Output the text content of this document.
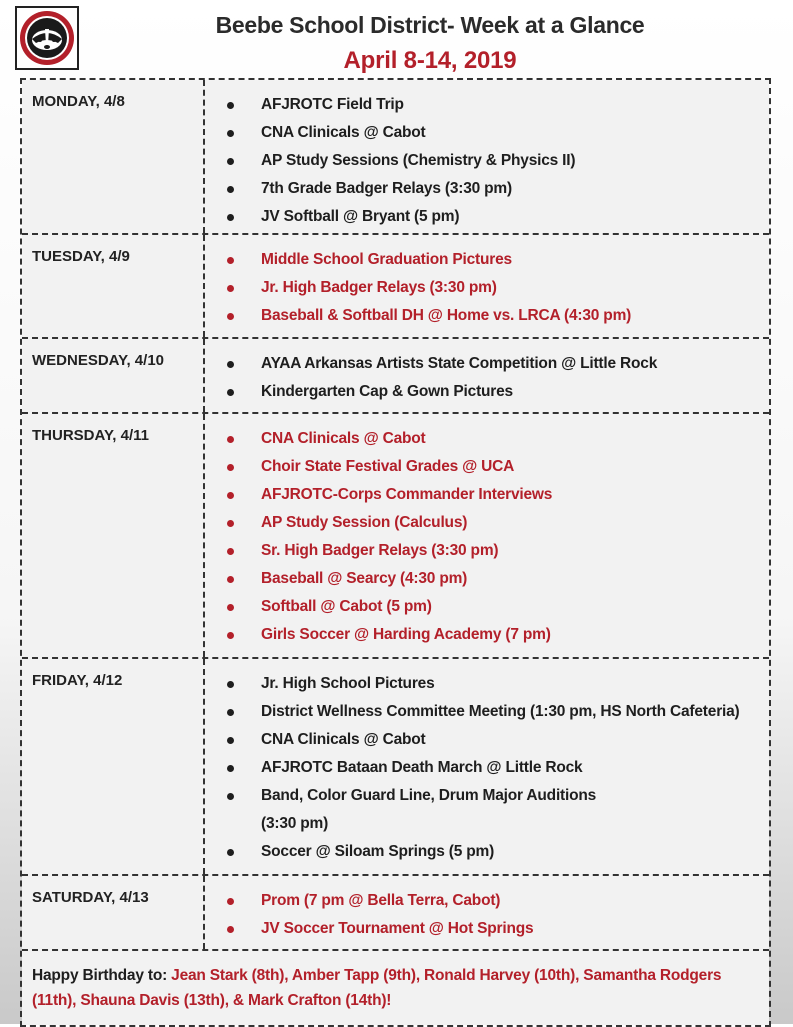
Beebe School District- Week at a Glance
April 8-14, 2019
MONDAY, 4/8	AFJROTC Field Trip
CNA Clinicals @ Cabot
AP Study Sessions (Chemistry & Physics II)
7th Grade Badger Relays (3:30 pm)
JV Softball @ Bryant (5 pm)
TUESDAY, 4/9	Middle School Graduation Pictures
Jr. High Badger Relays (3:30 pm)
Baseball & Softball DH @ Home vs. LRCA (4:30 pm)
WEDNESDAY, 4/10	AYAA Arkansas Artists State Competition @ Little Rock
Kindergarten Cap & Gown Pictures
THURSDAY, 4/11	CNA Clinicals @ Cabot
Choir State Festival Grades @ UCA
AFJROTC-Corps Commander Interviews
AP Study Session (Calculus)
Sr. High Badger Relays (3:30 pm)
Baseball @ Searcy (4:30 pm)
Softball @ Cabot (5 pm)
Girls Soccer @ Harding Academy (7 pm)
FRIDAY, 4/12	Jr. High School Pictures
District Wellness Committee Meeting (1:30 pm, HS North Cafeteria)
CNA Clinicals @ Cabot
AFJROTC Bataan Death March @ Little Rock
Band, Color Guard Line, Drum Major Auditions
(3:30 pm)
Soccer @ Siloam Springs (5 pm)
SATURDAY, 4/13	Prom (7 pm @ Bella Terra, Cabot)
JV Soccer Tournament @ Hot Springs
Happy Birthday to: Jean Stark (8th), Amber Tapp (9th), Ronald Harvey (10th), Samantha Rodgers (11th), Shauna Davis (13th), & Mark Crafton (14th)!
